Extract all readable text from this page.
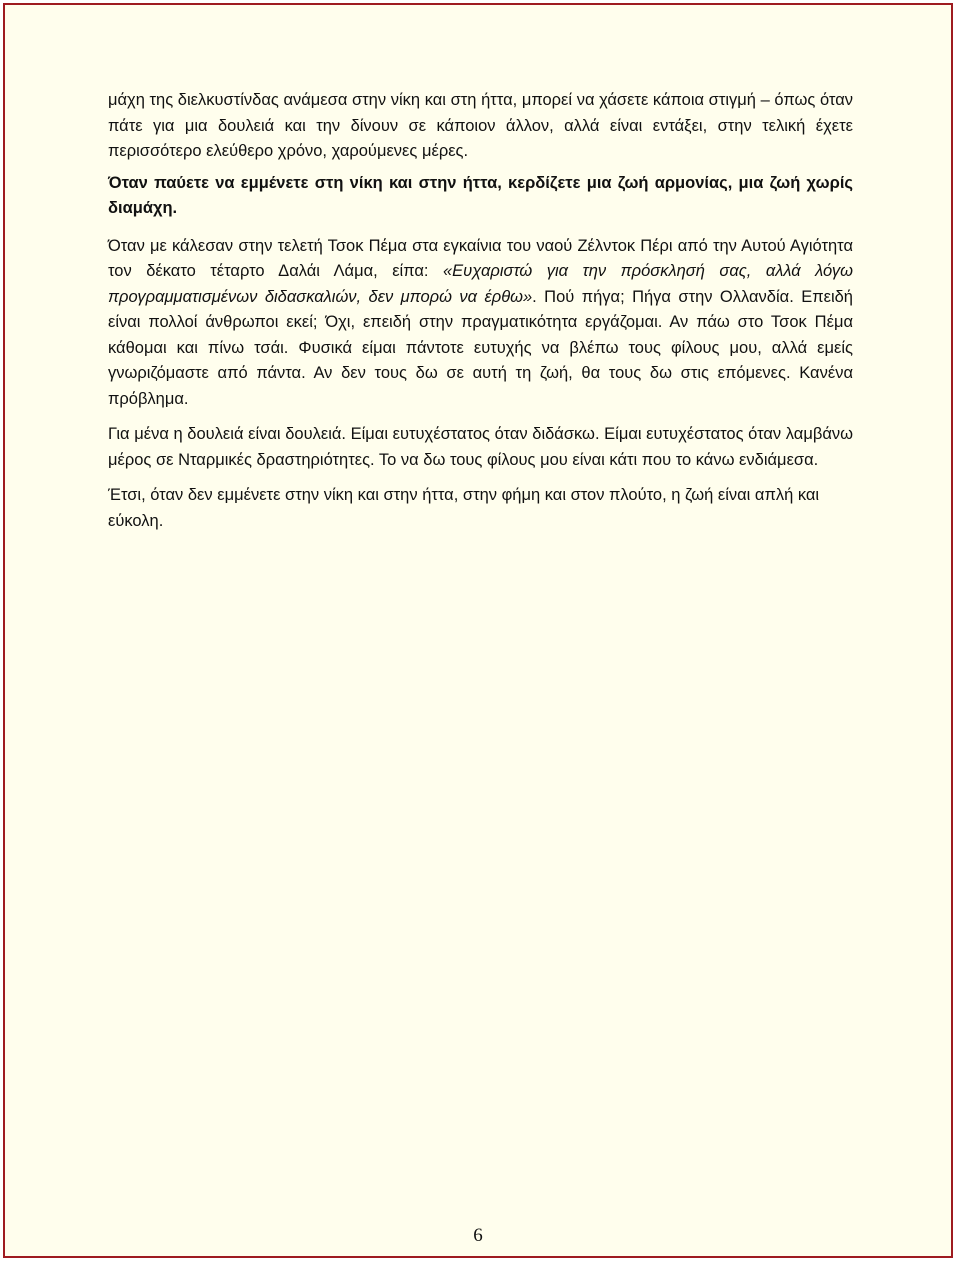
μάχη της διελκυστίνδας ανάμεσα στην νίκη και στη ήττα, μπορεί να χάσετε κάποια στιγμή – όπως όταν πάτε για μια δουλειά και την δίνουν σε κάποιον άλλον, αλλά είναι εντάξει, στην τελική έχετε περισσότερο ελεύθερο χρόνο, χαρούμενες μέρες.

Όταν παύετε να εμμένετε στη νίκη και στην ήττα, κερδίζετε μια ζωή αρμονίας, μια ζωή χωρίς διαμάχη.

Όταν με κάλεσαν στην τελετή Τσοκ Πέμα στα εγκαίνια του ναού Ζέλντοκ Πέρι από την Αυτού Αγιότητα τον δέκατο τέταρτο Δαλάι Λάμα, είπα: «Ευχαριστώ για την πρόσκλησή σας, αλλά λόγω προγραμματισμένων διδασκαλιών, δεν μπορώ να έρθω». Πού πήγα; Πήγα στην Ολλανδία. Επειδή είναι πολλοί άνθρωποι εκεί; Όχι, επειδή στην πραγματικότητα εργάζομαι. Αν πάω στο Τσοκ Πέμα κάθομαι και πίνω τσάι. Φυσικά είμαι πάντοτε ευτυχής να βλέπω τους φίλους μου, αλλά εμείς γνωριζόμαστε από πάντα. Αν δεν τους δω σε αυτή τη ζωή, θα τους δω στις επόμενες. Κανένα πρόβλημα.

Για μένα η δουλειά είναι δουλειά. Είμαι ευτυχέστατος όταν διδάσκω. Είμαι ευτυχέστατος όταν λαμβάνω μέρος σε Νταρμικές δραστηριότητες. Το να δω τους φίλους μου είναι κάτι που το κάνω ενδιάμεσα.

Έτσι, όταν δεν εμμένετε στην νίκη και στην ήττα, στην φήμη και στον πλούτο, η ζωή είναι απλή και εύκολη.

6
